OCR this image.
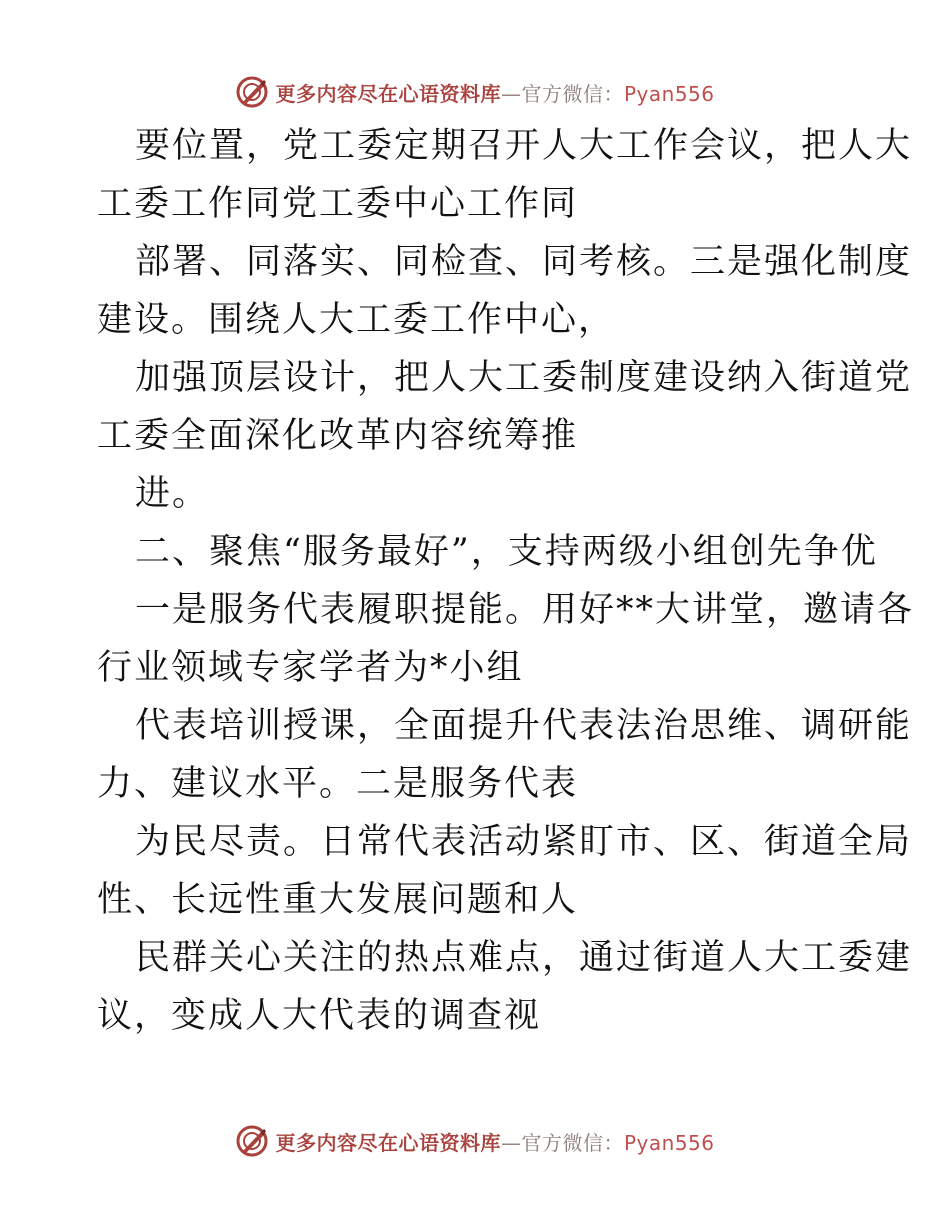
更多内容尽在心语资料库—官方微信：Pyan556
要位置，党工委定期召开人大工作会议，把人大
工委工作同党工委中心工作同
部署、同落实、同检查、同考核。三是强化制度
建设。围绕人大工委工作中心，
加强顶层设计，把人大工委制度建设纳入街道党
工委全面深化改革内容统筹推
进。
二、聚焦“服务最好”，支持两级小组创先争优
一是服务代表履职提能。用好**大讲堂，邀请各
行业领域专家学者为*小组
代表培训授课，全面提升代表法治思维、调研能
力、建议水平。二是服务代表
为民尽责。日常代表活动紧盯市、区、街道全局
性、长远性重大发展问题和人
民群关心关注的热点难点，通过街道人大工委建
议，变成人大代表的调查视
更多内容尽在心语资料库—官方微信：Pyan556
